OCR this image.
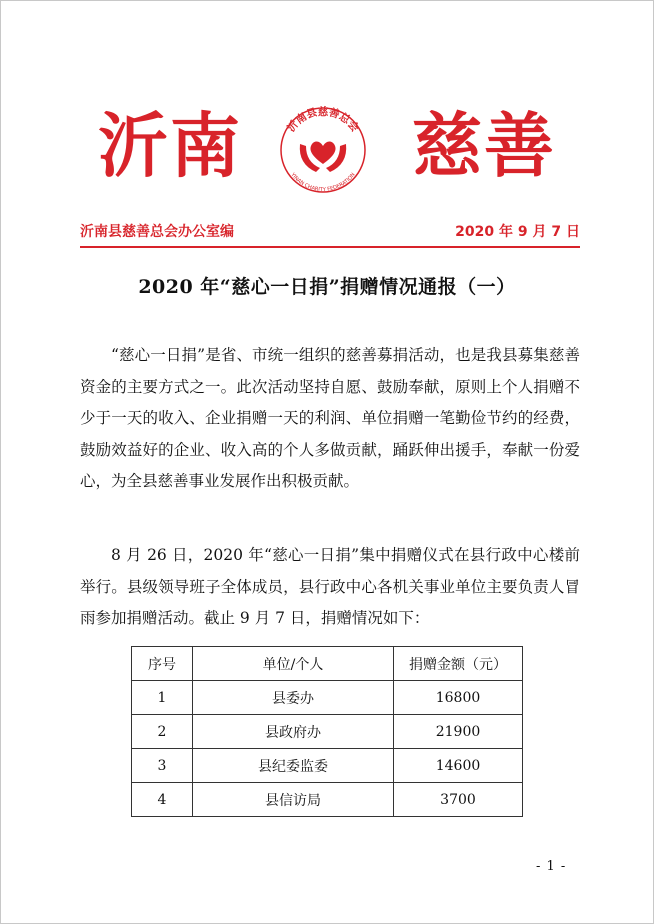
沂南	沂南县慈善总会
YINAN CHARITY FEDERATION 慈善
沂南县慈善总会办公室编	2020 年 9 月 7 日
2020 年“慈心一日捐”捐赠情况通报（一）

“慈心一日捐”是省、市统一组织的慈善募捐活动，也是我县募集慈善资金的主要方式之一。此次活动坚持自愿、鼓励奉献，原则上个人捐赠不少于一天的收入、企业捐赠一天的利润、单位捐赠一笔勤俭节约的经费，鼓励效益好的企业、收入高的个人多做贡献，踊跃伸出援手，奉献一份爱心，为全县慈善事业发展作出积极贡献。

8 月 26 日，2020 年“慈心一日捐”集中捐赠仪式在县行政中心楼前举行。县级领导班子全体成员，县行政中心各机关事业单位主要负责人冒雨参加捐赠活动。截止 9 月 7 日，捐赠情况如下：

序号	单位/个人	捐赠金额（元）
1	县委办	16800
2	县政府办	21900
3	县纪委监委	14600
4	县信访局	3700
- 1 -
